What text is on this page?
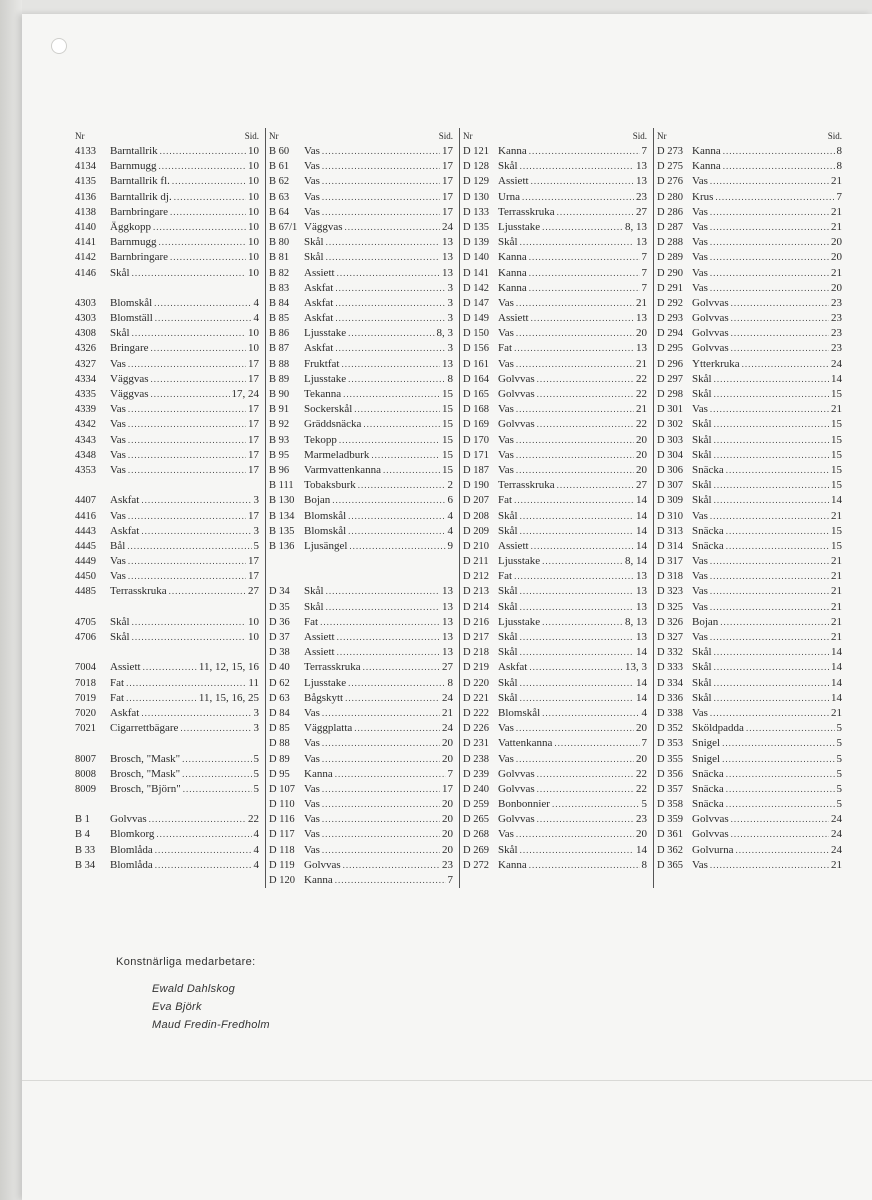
Nr	Sid.
4133	Barntallrik .....	10
4134	Barnmugg .....	10
4135	Barntallrik fl. .....	10
4136	Barntallrik dj. .....	10
4138	Barnbringare .....	10
4140	Äggkopp .....	10
4141	Barnmugg .....	10
4142	Barnbringare .....	10
4146	Skål .....	10
4303	Blomskål .....	4
4303	Blomställ .....	4
4308	Skål .....	10
4326	Bringare .....	10
4327	Vas .....	17
4334	Väggvas .....	17
4335	Väggvas .....	17, 24
4339	Vas .....	17
4342	Vas .....	17
4343	Vas .....	17
4348	Vas .....	17
4353	Vas .....	17
4407	Askfat .....	3
4416	Vas .....	17
4443	Askfat .....	3
4445	Bål .....	5
4449	Vas .....	17
4450	Vas .....	17
4485	Terrasskruka .....	27
4705	Skål .....	10
4706	Skål .....	10
7004	Assiett .....	11, 12, 15, 16
7018	Fat .....	11
7019	Fat .....	11, 15, 16, 25
7020	Askfat .....	3
7021	Cigarrettbägare .....	3
8007	Brosch, "Mask" .....	5
8008	Brosch, "Mask" .....	5
8009	Brosch, "Björn" .....	5
B 1	Golvvas .....	22
B 4	Blomkorg .....	4
B 33	Blomlåda .....	4
B 34	Blomlåda .....	4
Nr	Sid.
B 60	Vas .....	17
B 61	Vas .....	17
B 62	Vas .....	17
B 63	Vas .....	17
B 64	Vas .....	17
B 67/1 Väggvas .....	24
B 80	Skål .....	13
B 81	Skål .....	13
B 82	Assiett .....	13
B 83	Askfat .....	3
B 84	Askfat .....	3
B 85	Askfat .....	3
B 86	Ljusstake .....	8, 3
B 87	Askfat .....	3
B 88	Fruktfat .....	13
B 89	Ljusstake .....	8
B 90	Tekanna .....	15
B 91	Sockerskål .....	15
B 92	Gräddsnäcka .....	15
B 93	Tekopp .....	15
B 95	Marmeladburk .....	15
B 96	Varmvattenkanna .....	15
B 111 Tobaksburk .....	2
B 130 Bojan .....	6
B 134 Blomskål .....	4
B 135 Blomskål .....	4
B 136 Ljusängel .....	9
D 34	Skål .....	13
D 35	Skål .....	13
D 36	Fat .....	13
D 37	Assiett .....	13
D 38	Assiett .....	13
D 40	Terrasskruka .....	27
D 62	Ljusstake .....	8
D 63	Bågskytt .....	24
D 84	Vas .....	21
D 85	Väggplatta .....	24
D 88	Vas .....	20
D 89	Vas .....	20
D 95	Kanna .....	7
D 107 Vas .....	17
D 110 Vas .....	20
D 116 Vas .....	20
D 117 Vas .....	20
D 118 Vas .....	20
D 119 Golvvas .....	23
D 120 Kanna .....	7
Nr	Sid.
D 121 Kanna .....	7
D 128 Skål .....	13
D 129 Assiett .....	13
D 130 Urna .....	23
D 133 Terrasskruka .....	27
D 135 Ljusstake .....	8, 13
D 139 Skål .....	13
D 140 Kanna .....	7
D 141 Kanna .....	7
D 142 Kanna .....	7
D 147 Vas .....	21
D 149 Assiett .....	13
D 150 Vas .....	20
D 156 Fat .....	13
D 161 Vas .....	21
D 164 Golvvas .....	22
D 165 Golvvas .....	22
D 168 Vas .....	21
D 169 Golvvas .....	22
D 170 Vas .....	20
D 171 Vas .....	20
D 187 Vas .....	20
D 190 Terrasskruka .....	27
D 207 Fat .....	14
D 208 Skål .....	14
D 209 Skål .....	14
D 210 Assiett .....	14
D 211 Ljusstake .....	8, 14
D 212 Fat .....	13
D 213 Skål .....	13
D 214 Skål .....	13
D 216 Ljusstake .....	8, 13
D 217 Skål .....	13
D 218 Skål .....	14
D 219 Askfat .....	13, 3
D 220 Skål .....	14
D 221 Skål .....	14
D 222 Blomskål .....	4
D 226 Vas .....	20
D 231 Vattenkanna .....	7
D 238 Vas .....	20
D 239 Golvvas .....	22
D 240 Golvvas .....	22
D 259 Bonbonnier .....	5
D 265 Golvvas .....	23
D 268 Vas .....	20
D 269 Skål .....	14
D 272 Kanna .....	8
Nr	Sid.
D 273 Kanna .....	8
D 275 Kanna .....	8
D 276 Vas .....	21
D 280 Krus .....	7
D 286 Vas .....	21
D 287 Vas .....	21
D 288 Vas .....	20
D 289 Vas .....	20
D 290 Vas .....	21
D 291 Vas .....	20
D 292 Golvvas .....	23
D 293 Golvvas .....	23
D 294 Golvvas .....	23
D 295 Golvvas .....	23
D 296 Ytterkruka .....	24
D 297 Skål .....	14
D 298 Skål .....	15
D 301 Vas .....	21
D 302 Skål .....	15
D 303 Skål .....	15
D 304 Skål .....	15
D 306 Snäcka .....	15
D 307 Skål .....	15
D 309 Skål .....	14
D 310 Vas .....	21
D 313 Snäcka .....	15
D 314 Snäcka .....	15
D 317 Vas .....	21
D 318 Vas .....	21
D 323 Vas .....	21
D 325 Vas .....	21
D 326 Bojan .....	21
D 327 Vas .....	21
D 332 Skål .....	14
D 333 Skål .....	14
D 334 Skål .....	14
D 336 Skål .....	14
D 338 Vas .....	21
D 352 Sköldpadda .....	5
D 353 Snigel .....	5
D 355 Snigel .....	5
D 356 Snäcka .....	5
D 357 Snäcka .....	5
D 358 Snäcka .....	5
D 359 Golvvas .....	24
D 361 Golvvas .....	24
D 362 Golvurna .....	24
D 365 Vas .....	21
Konstnärliga medarbetare:
Ewald Dahlskog
Eva Björk
Maud Fredin-Fredholm
